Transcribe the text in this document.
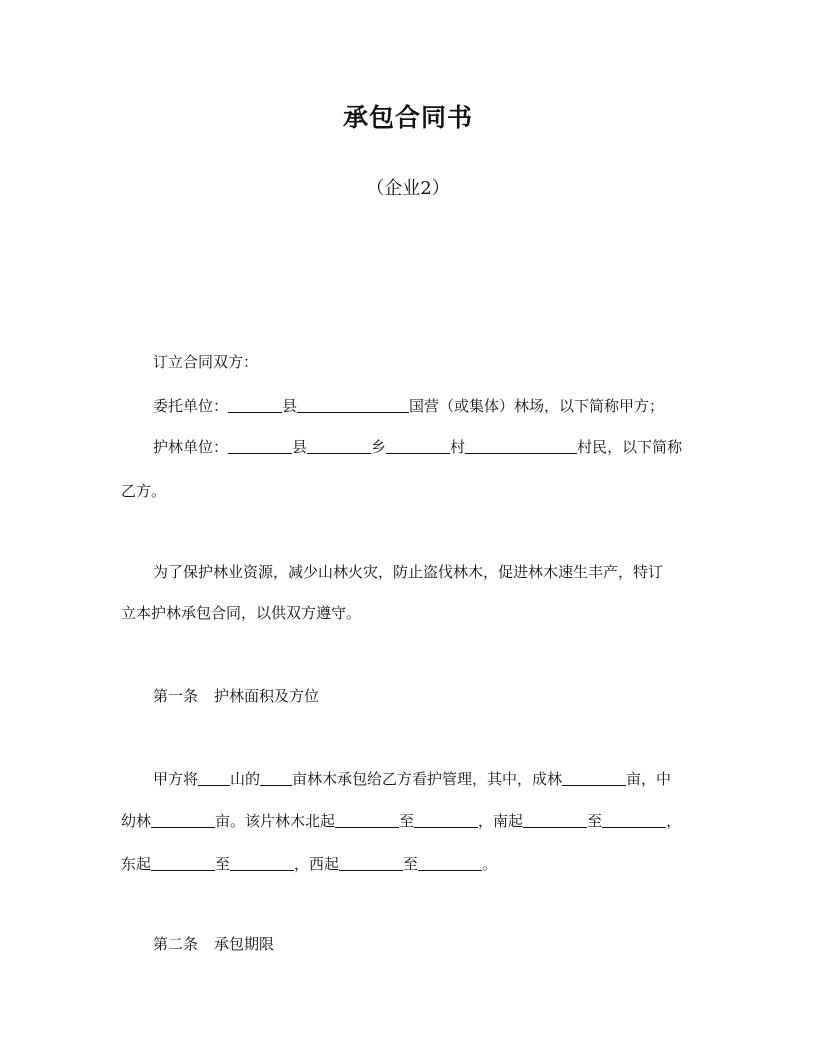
承包合同书
（企业2）
订立合同双方：
委托单位：	县	国营（或集体）林场，以下简称甲方；
护林单位：	县	乡	村	村民，以下简称
乙方。
为了保护林业资源，减少山林火灾，防止盗伐林木，促进林木速生丰产，特订
立本护林承包合同，以供双方遵守。
第一条 护林面积及方位
甲方将 山的 亩林木承包给乙方看护管理，其中，成林	亩，中
幼林	亩。该片林木北起	至	，南起	至	，
东起	至	，西起	至	。
第二条 承包期限
